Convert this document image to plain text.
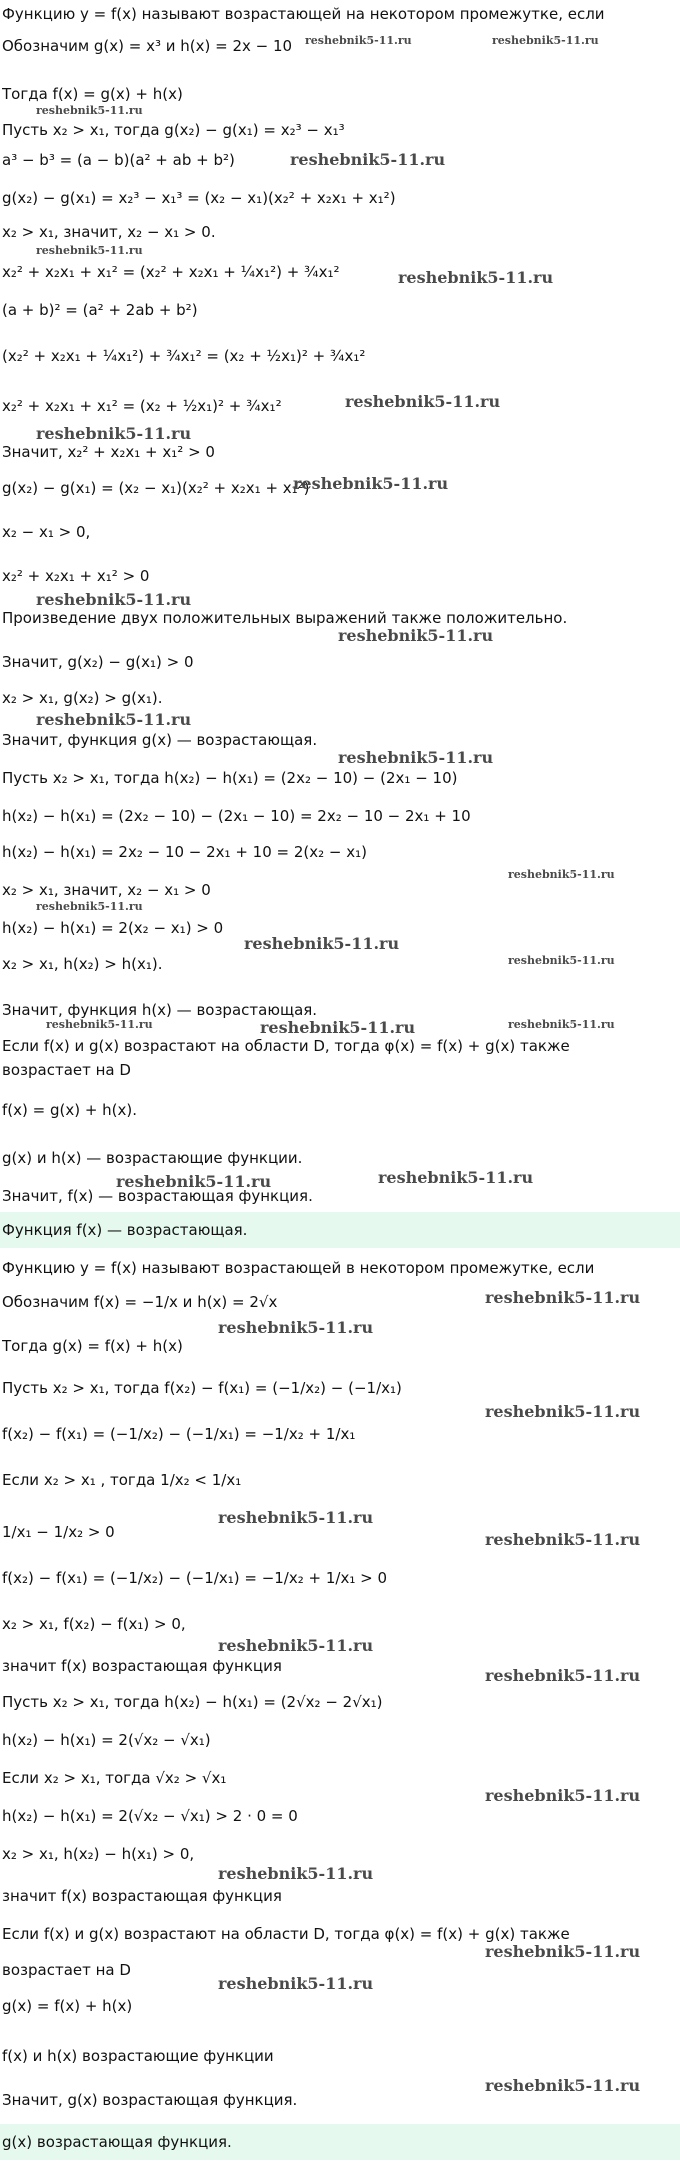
Функцию y = f(x) называют возрастающей на некотором промежутке, если
Обозначим g(x) = x³ и h(x) = 2x − 10
Тогда f(x) = g(x) + h(x)
Пусть x₂ > x₁, тогда g(x₂) − g(x₁) = x₂³ − x₁³
a³ − b³ = (a − b)(a² + ab + b²)
g(x₂) − g(x₁) = x₂³ − x₁³ = (x₂ − x₁)(x₂² + x₂x₁ + x₁²)
x₂ > x₁, значит, x₂ − x₁ > 0.
x₂² + x₂x₁ + x₁² = (x₂² + x₂x₁ + ¼x₁²) + ¾x₁²
(a + b)² = (a² + 2ab + b²)
(x₂² + x₂x₁ + ¼x₁²) + ¾x₁² = (x₂ + ½x₁)² + ¾x₁²
x₂² + x₂x₁ + x₁² = (x₂ + ½x₁)² + ¾x₁²
Значит, x₂² + x₂x₁ + x₁² > 0
g(x₂) − g(x₁) = (x₂ − x₁)(x₂² + x₂x₁ + x₁²)
x₂ − x₁ > 0,
x₂² + x₂x₁ + x₁² > 0
Произведение двух положительных выражений также положительно.
Значит, g(x₂) − g(x₁) > 0
x₂ > x₁, g(x₂) > g(x₁).
Значит, функция g(x) — возрастающая.
Пусть x₂ > x₁, тогда h(x₂) − h(x₁) = (2x₂ − 10) − (2x₁ − 10)
h(x₂) − h(x₁) = (2x₂ − 10) − (2x₁ − 10) = 2x₂ − 10 − 2x₁ + 10
h(x₂) − h(x₁) = 2x₂ − 10 − 2x₁ + 10 = 2(x₂ − x₁)
x₂ > x₁, значит, x₂ − x₁ > 0
h(x₂) − h(x₁) = 2(x₂ − x₁) > 0
x₂ > x₁, h(x₂) > h(x₁).
Значит, функция h(x) — возрастающая.
Если f(x) и g(x) возрастают на области D, тогда φ(x) = f(x) + g(x) также
возрастает на D
f(x) = g(x) + h(x).
g(x) и h(x) — возрастающие функции.
Значит, f(x) — возрастающая функция.
Функцию y = f(x) называют возрастающей в некотором промежутке, если
Обозначим f(x) = −1/x и h(x) = 2√x
Тогда g(x) = f(x) + h(x)
Пусть x₂ > x₁, тогда f(x₂) − f(x₁) = (−1/x₂) − (−1/x₁)
f(x₂) − f(x₁) = (−1/x₂) − (−1/x₁) = −1/x₂ + 1/x₁
Если x₂ > x₁ , тогда 1/x₂ < 1/x₁
1/x₁ − 1/x₂ > 0
f(x₂) − f(x₁) = (−1/x₂) − (−1/x₁) = −1/x₂ + 1/x₁ > 0
x₂ > x₁, f(x₂) − f(x₁) > 0,
значит f(x) возрастающая функция
Пусть x₂ > x₁, тогда h(x₂) − h(x₁) = (2√x₂ − 2√x₁)
h(x₂) − h(x₁) = 2(√x₂ − √x₁)
Если x₂ > x₁, тогда √x₂ > √x₁
h(x₂) − h(x₁) = 2(√x₂ − √x₁) > 2 · 0 = 0
x₂ > x₁, h(x₂) − h(x₁) > 0,
значит f(x) возрастающая функция
Если f(x) и g(x) возрастают на области D, тогда φ(x) = f(x) + g(x) также
возрастает на D
g(x) = f(x) + h(x)
f(x) и h(x) возрастающие функции
Значит, g(x) возрастающая функция.
Функция f(x) — возрастающая.
g(x) возрастающая функция.
reshebnik5-11.ru	reshebnik5-11.ru
reshebnik5-11.ru
reshebnik5-11.ru
reshebnik5-11.ru
reshebnik5-11.ru
reshebnik5-11.ru
reshebnik5-11.ru
reshebnik5-11.ru
reshebnik5-11.ru
reshebnik5-11.ru
reshebnik5-11.ru
reshebnik5-11.ru
reshebnik5-11.ru
reshebnik5-11.ru
reshebnik5-11.ru
reshebnik5-11.ru
reshebnik5-11.ru	reshebnik5-11.ru	reshebnik5-11.ru
reshebnik5-11.ru	reshebnik5-11.ru
reshebnik5-11.ru
reshebnik5-11.ru
reshebnik5-11.ru
reshebnik5-11.ru
reshebnik5-11.ru
reshebnik5-11.ru
reshebnik5-11.ru
reshebnik5-11.ru
reshebnik5-11.ru
reshebnik5-11.ru
reshebnik5-11.ru
reshebnik5-11.ru
